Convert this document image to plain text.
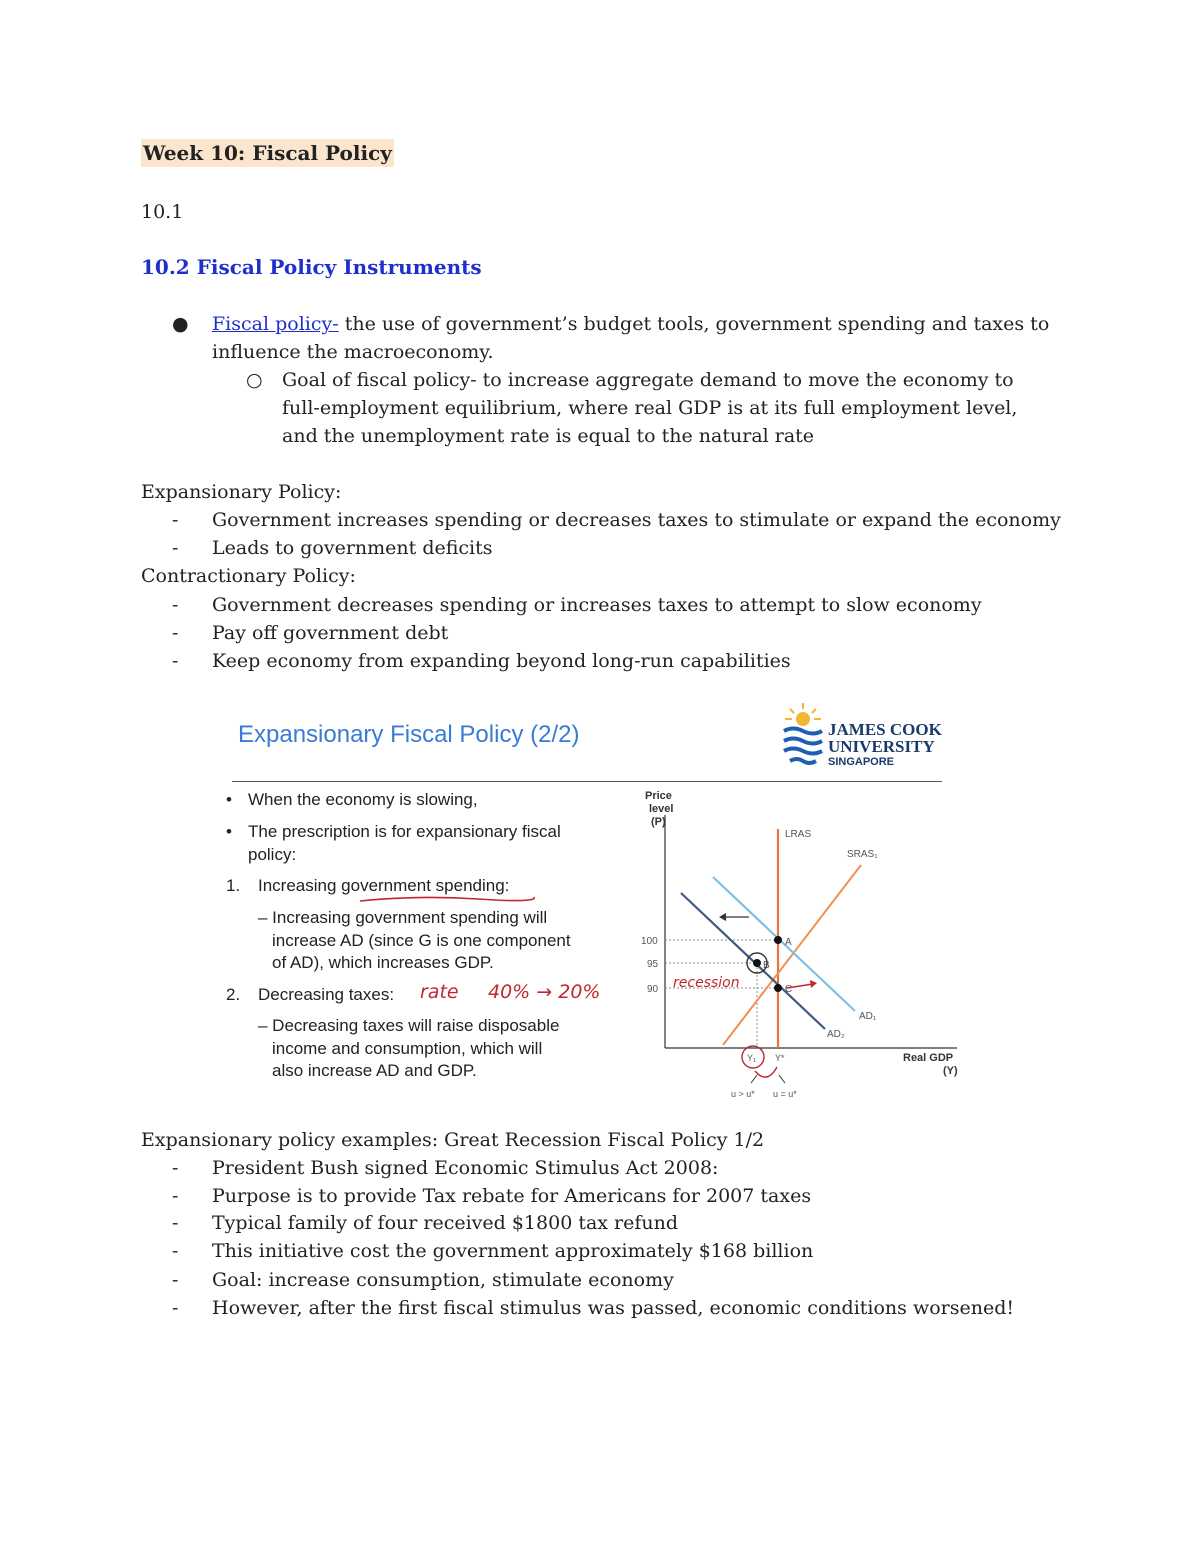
Week 10: Fiscal Policy
10.1
10.2 Fiscal Policy Instruments
● Fiscal policy- the use of government’s budget tools, government spending and taxes to influence the macroeconomy.
○ Goal of fiscal policy- to increase aggregate demand to move the economy to full-employment equilibrium, where real GDP is at its full employment level, and the unemployment rate is equal to the natural rate
Expansionary Policy:
- Government increases spending or decreases taxes to stimulate or expand the economy
- Leads to government deficits
Contractionary Policy:
- Government decreases spending or increases taxes to attempt to slow economy
- Pay off government debt
- Keep economy from expanding beyond long-run capabilities
Expansionary Fiscal Policy (2/2)	JAMES COOK
UNIVERSITY
SINGAPORE
• When the economy is slowing,
• The prescription is for expansionary fiscal
policy:
1. Increasing government spending:
– Increasing government spending will
increase AD (since G is one component
of AD), which increases GDP.
2. Decreasing taxes: rate 40% → 20%
– Decreasing taxes will raise disposable
income and consumption, which will
also increase AD and GDP.
Price
level
(P)
Real GDP
(Y)
100
95
90
LRAS
SRAS₁
AD₁
AD₂
A
B
C
recession
Y₁ Y*
u > u* u = u*
Expansionary policy examples: Great Recession Fiscal Policy 1/2
- President Bush signed Economic Stimulus Act 2008:
- Purpose is to provide Tax rebate for Americans for 2007 taxes
- Typical family of four received $1800 tax refund
- This initiative cost the government approximately $168 billion
- Goal: increase consumption, stimulate economy
- However, after the first fiscal stimulus was passed, economic conditions worsened!
